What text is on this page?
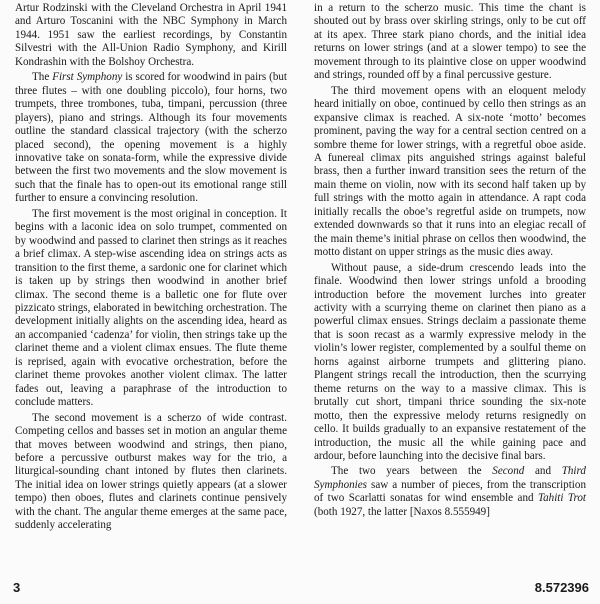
Artur Rodzinski with the Cleveland Orchestra in April 1941 and Arturo Toscanini with the NBC Symphony in March 1944. 1951 saw the earliest recordings, by Constantin Silvestri with the All-Union Radio Symphony, and Kirill Kondrashin with the Bolshoy Orchestra.

The First Symphony is scored for woodwind in pairs (but three flutes – with one doubling piccolo), four horns, two trumpets, three trombones, tuba, timpani, percussion (three players), piano and strings. Although its four movements outline the standard classical trajectory (with the scherzo placed second), the opening movement is a highly innovative take on sonata-form, while the expressive divide between the first two movements and the slow movement is such that the finale has to open-out its emotional range still further to ensure a convincing resolution.

The first movement is the most original in conception. It begins with a laconic idea on solo trumpet, commented on by woodwind and passed to clarinet then strings as it reaches a brief climax. A step-wise ascending idea on strings acts as transition to the first theme, a sardonic one for clarinet which is taken up by strings then woodwind in another brief climax. The second theme is a balletic one for flute over pizzicato strings, elaborated in bewitching orchestration. The development initially alights on the ascending idea, heard as an accompanied ‘cadenza’ for violin, then strings take up the clarinet theme and a violent climax ensues. The flute theme is reprised, again with evocative orchestration, before the clarinet theme provokes another violent climax. The latter fades out, leaving a paraphrase of the introduction to conclude matters.

The second movement is a scherzo of wide contrast. Competing cellos and basses set in motion an angular theme that moves between woodwind and strings, then piano, before a percussive outburst makes way for the trio, a liturgical-sounding chant intoned by flutes then clarinets. The initial idea on lower strings quietly appears (at a slower tempo) then oboes, flutes and clarinets continue pensively with the chant. The angular theme emerges at the same pace, suddenly accelerating

in a return to the scherzo music. This time the chant is shouted out by brass over skirling strings, only to be cut off at its apex. Three stark piano chords, and the initial idea returns on lower strings (and at a slower tempo) to see the movement through to its plaintive close on upper woodwind and strings, rounded off by a final percussive gesture.

The third movement opens with an eloquent melody heard initially on oboe, continued by cello then strings as an expansive climax is reached. A six-note ‘motto’ becomes prominent, paving the way for a central section centred on a sombre theme for lower strings, with a regretful oboe aside. A funereal climax pits anguished strings against baleful brass, then a further inward transition sees the return of the main theme on violin, now with its second half taken up by full strings with the motto again in attendance. A rapt coda initially recalls the oboe’s regretful aside on trumpets, now extended downwards so that it runs into an elegiac recall of the main theme’s initial phrase on cellos then woodwind, the motto distant on upper strings as the music dies away.

Without pause, a side-drum crescendo leads into the finale. Woodwind then lower strings unfold a brooding introduction before the movement lurches into greater activity with a scurrying theme on clarinet then piano as a powerful climax ensues. Strings declaim a passionate theme that is soon recast as a warmly expressive melody in the violin’s lower register, complemented by a soulful theme on horns against airborne trumpets and glittering piano. Plangent strings recall the introduction, then the scurrying theme returns on the way to a massive climax. This is brutally cut short, timpani thrice sounding the six-note motto, then the expressive melody returns resignedly on cello. It builds gradually to an expansive restatement of the introduction, the music all the while gaining pace and ardour, before launching into the decisive final bars.

The two years between the Second and Third Symphonies saw a number of pieces, from the transcription of two Scarlatti sonatas for wind ensemble and Tahiti Trot (both 1927, the latter [Naxos 8.555949]

3	8.572396
